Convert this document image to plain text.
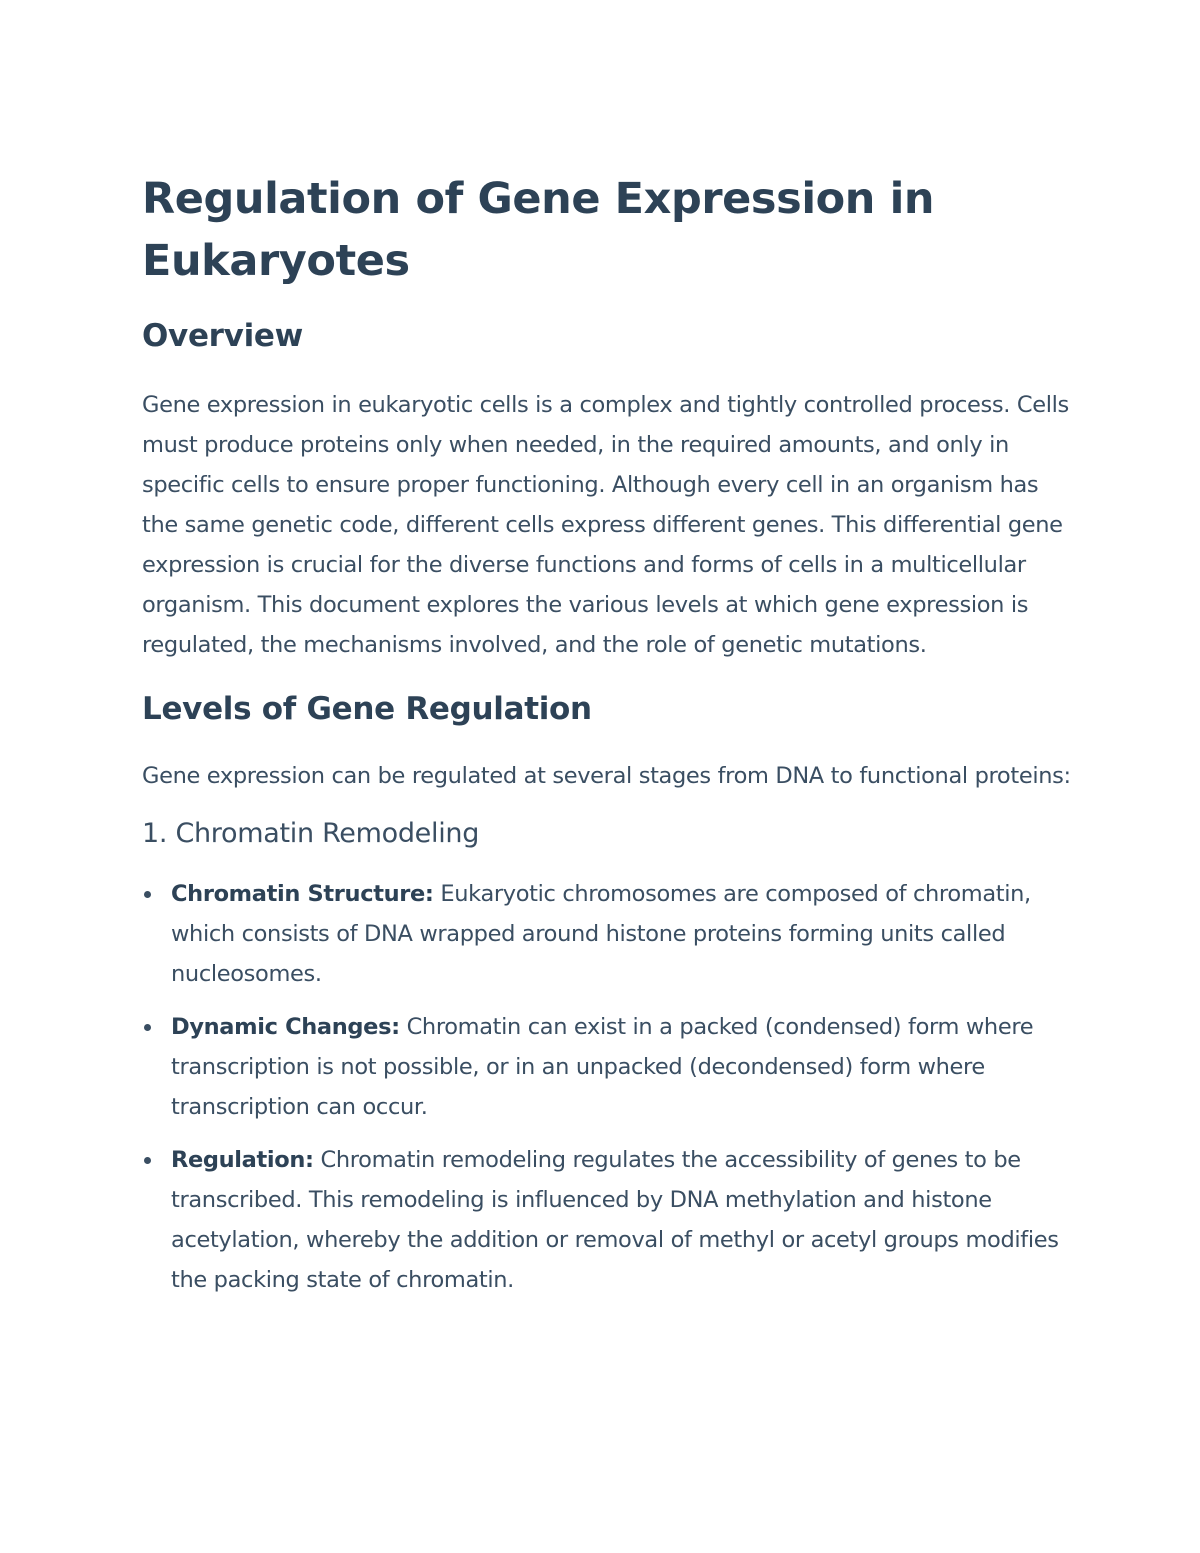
Regulation of Gene Expression in Eukaryotes
Overview

Gene expression in eukaryotic cells is a complex and tightly controlled process. Cells must produce proteins only when needed, in the required amounts, and only in specific cells to ensure proper functioning. Although every cell in an organism has the same genetic code, different cells express different genes. This differential gene expression is crucial for the diverse functions and forms of cells in a multicellular organism. This document explores the various levels at which gene expression is regulated, the mechanisms involved, and the role of genetic mutations.

Levels of Gene Regulation

Gene expression can be regulated at several stages from DNA to functional proteins:

1. Chromatin Remodeling
Chromatin Structure: Eukaryotic chromosomes are composed of chromatin, which consists of DNA wrapped around histone proteins forming units called nucleosomes.
Dynamic Changes: Chromatin can exist in a packed (condensed) form where transcription is not possible, or in an unpacked (decondensed) form where transcription can occur.
Regulation: Chromatin remodeling regulates the accessibility of genes to be transcribed. This remodeling is influenced by DNA methylation and histone acetylation, whereby the addition or removal of methyl or acetyl groups modifies the packing state of chromatin.
